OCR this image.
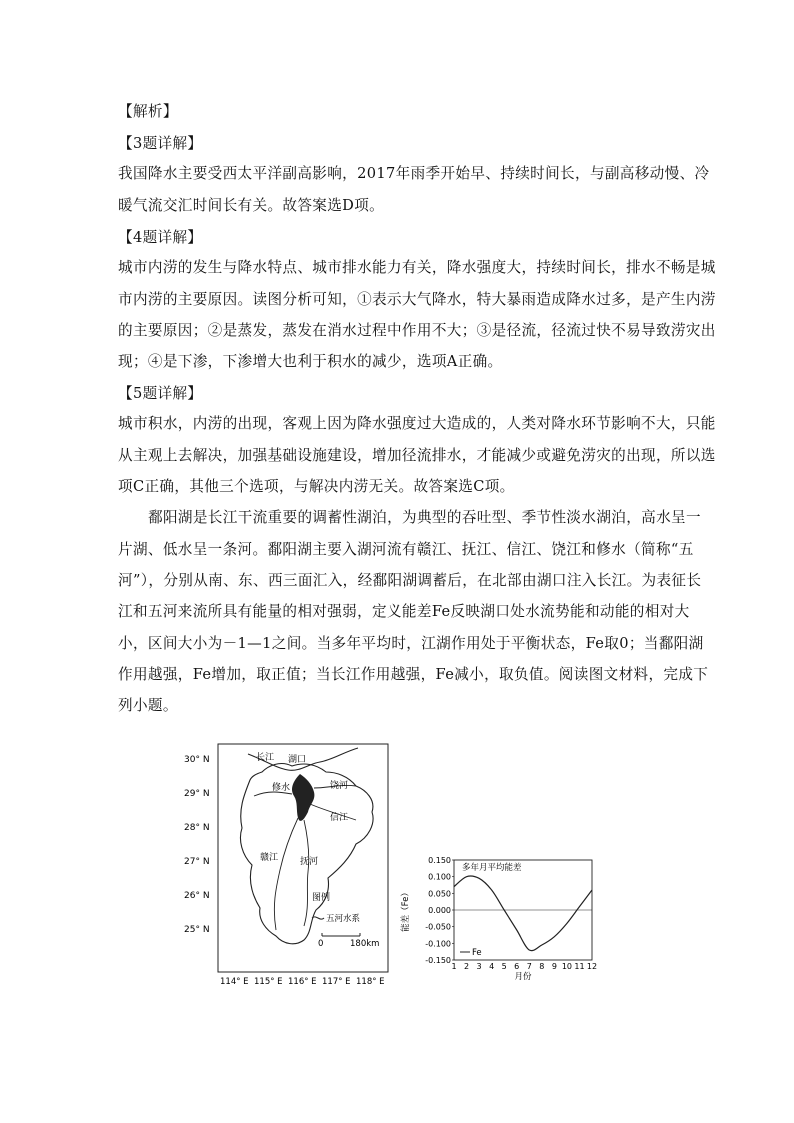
【解析】
【3题详解】
我国降水主要受西太平洋副高影响，2017年雨季开始早、持续时间长，与副高移动慢、冷
暖气流交汇时间长有关。故答案选D项。
【4题详解】
城市内涝的发生与降水特点、城市排水能力有关，降水强度大，持续时间长，排水不畅是城
市内涝的主要原因。读图分析可知，①表示大气降水，特大暴雨造成降水过多，是产生内涝
的主要原因；②是蒸发，蒸发在消水过程中作用不大；③是径流，径流过快不易导致涝灾出
现；④是下渗，下渗增大也利于积水的减少，选项A正确。
【5题详解】
城市积水，内涝的出现，客观上因为降水强度过大造成的，人类对降水环节影响不大，只能
从主观上去解决，加强基础设施建设，增加径流排水，才能减少或避免涝灾的出现，所以选
项C正确，其他三个选项，与解决内涝无关。故答案选C项。
鄱阳湖是长江干流重要的调蓄性湖泊，为典型的吞吐型、季节性淡水湖泊，高水呈一
片湖、低水呈一条河。鄱阳湖主要入湖河流有赣江、抚江、信江、饶江和修水（简称“五
河”），分别从南、东、西三面汇入，经鄱阳湖调蓄后，在北部由湖口注入长江。为表征长
江和五河来流所具有能量的相对强弱，定义能差Fe反映湖口处水流势能和动能的相对大
小，区间大小为－1—1之间。当多年平均时，江湖作用处于平衡状态，Fe取0；当鄱阳湖
作用越强，Fe增加，取正值；当长江作用越强，Fe减小，取负值。阅读图文材料，完成下
列小题。
30° N
29° N
28° N
27° N
26° N
25° N
114° E 115° E 116° E 117° E 118° E
长江 湖口
饶河
修水
信江
赣江 抚河
图例
五河水系
0	180km
0.150
0.100
0.050
0.000
-0.050
-0.100
-0.150
1 2 3 4 5 6 7 8 9 10 11 12
月份
能差（Fe）
多年月平均能差
Fe
